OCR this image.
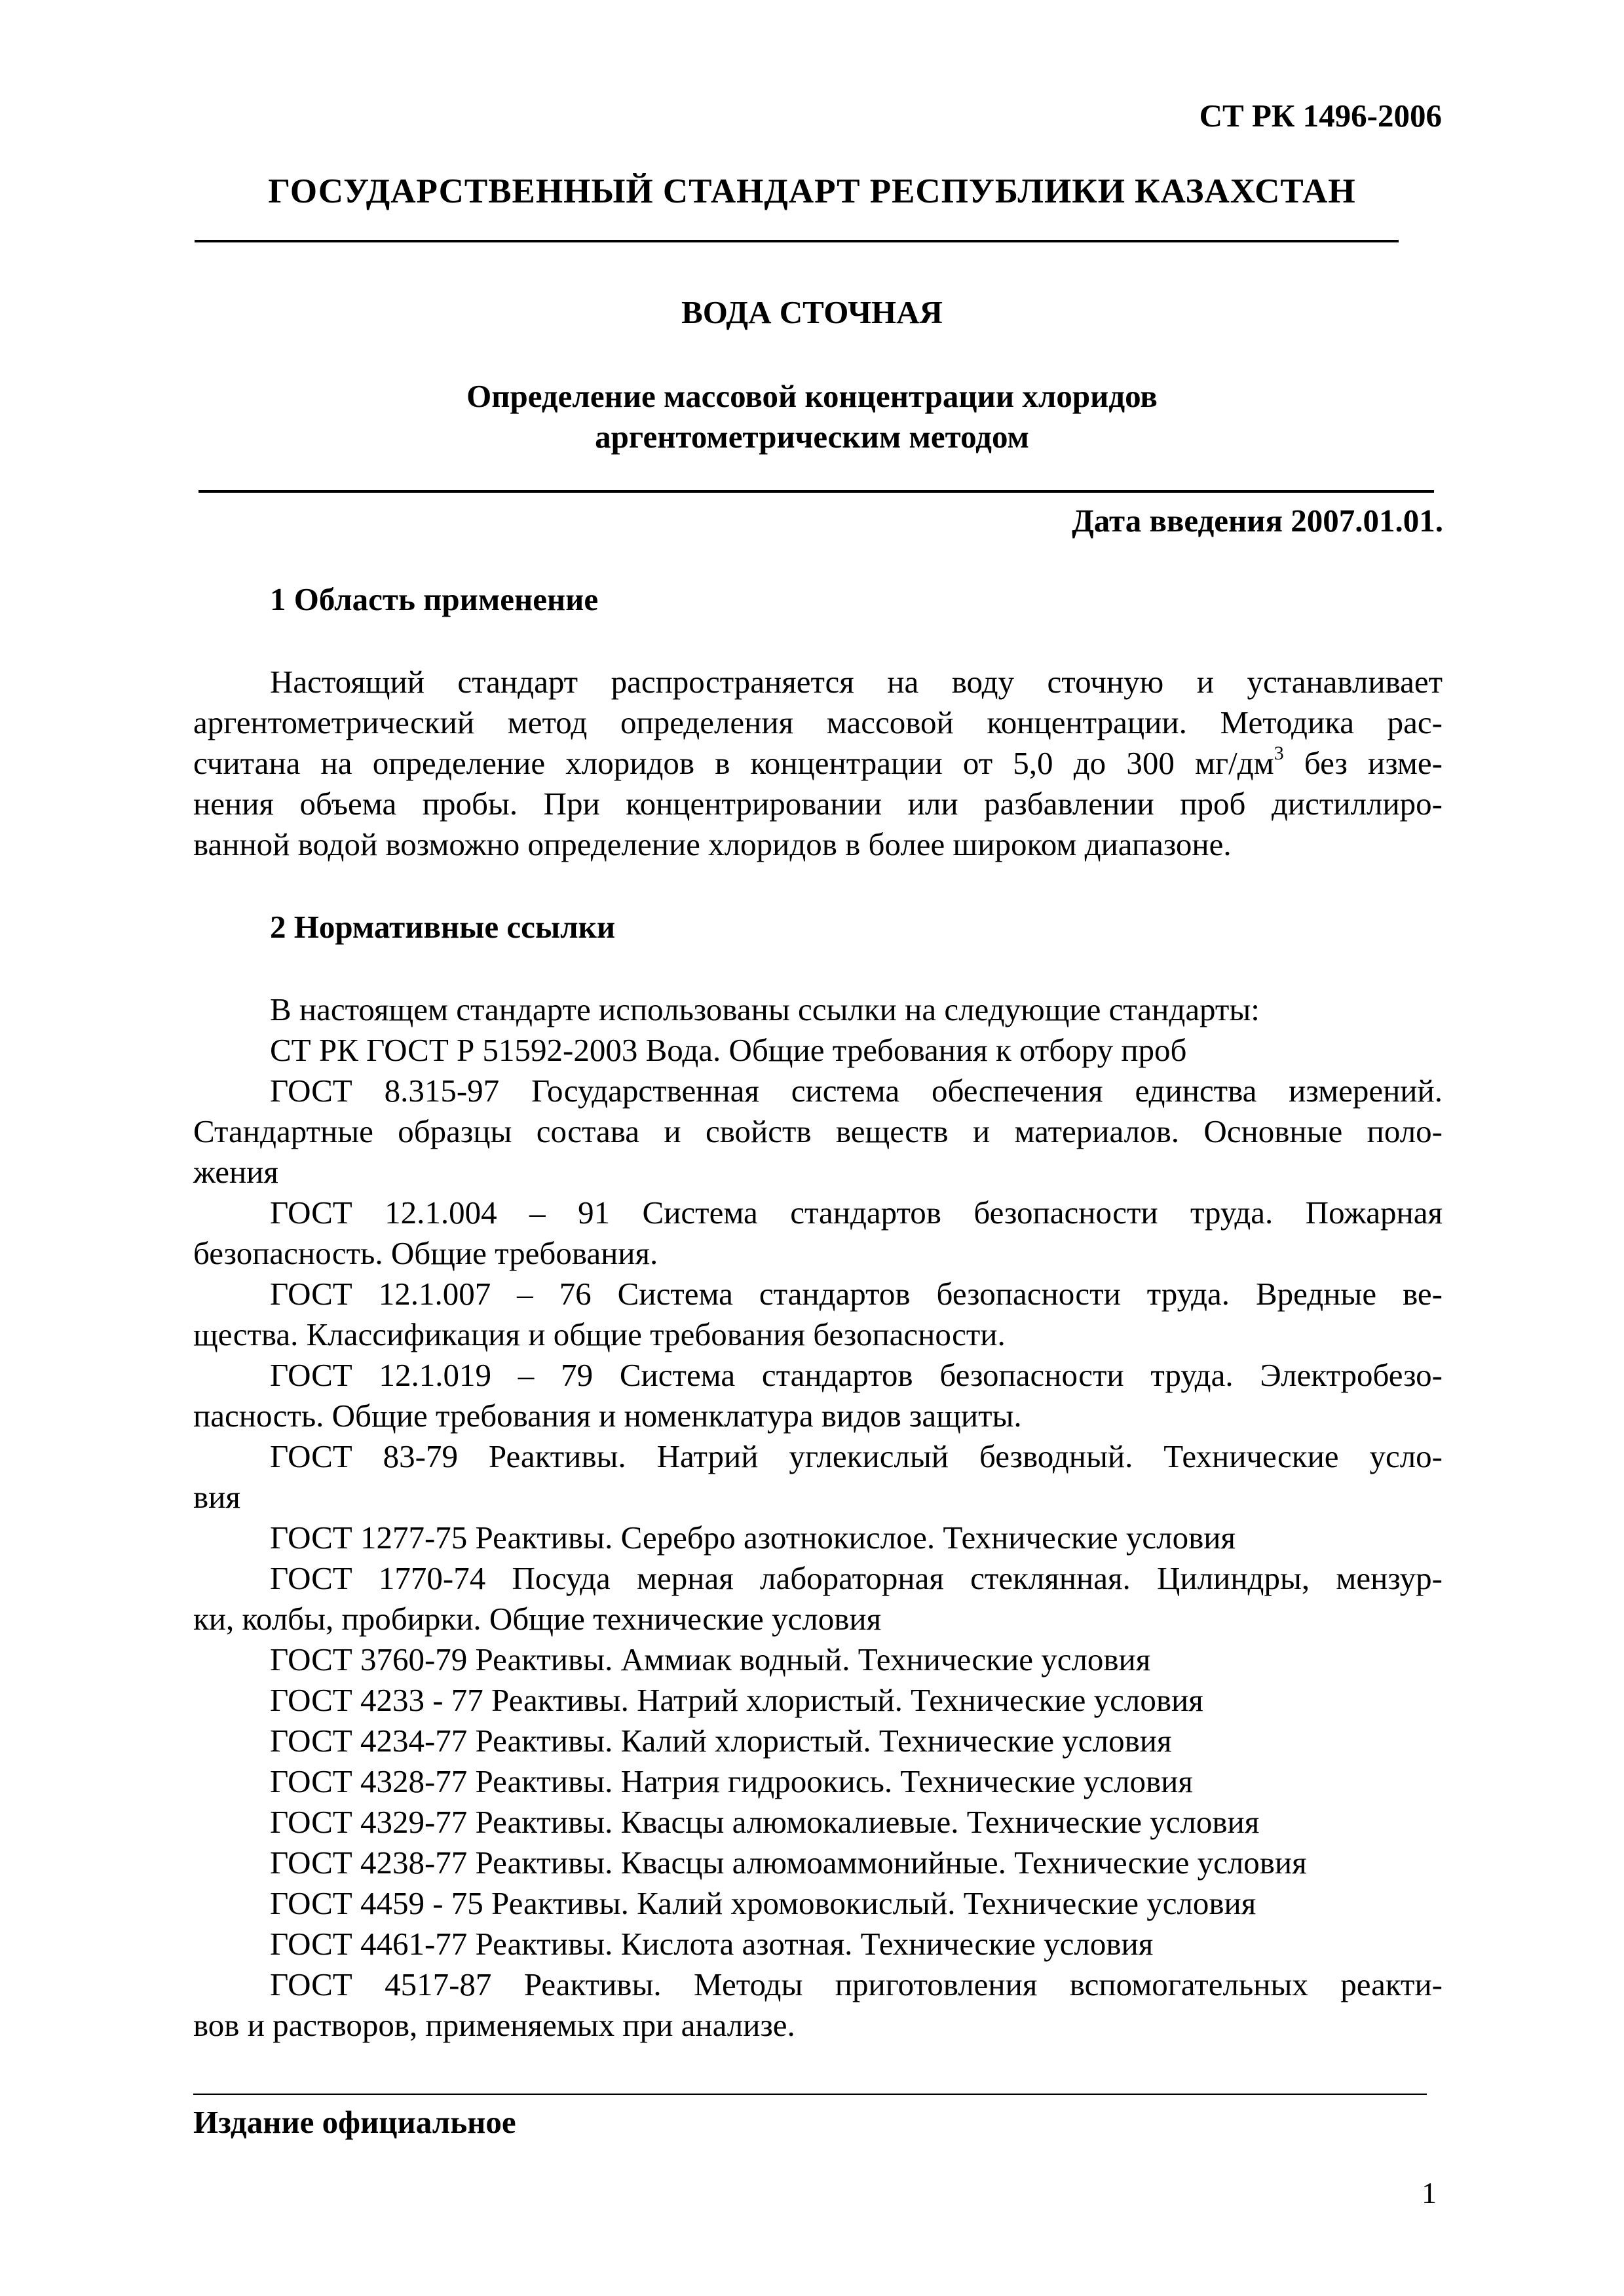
СТ РК 1496-2006
ГОСУДАРСТВЕННЫЙ СТАНДАРТ РЕСПУБЛИКИ КАЗАХСТАН
ВОДА СТОЧНАЯ
Определение массовой концентрации хлоридов
аргентометрическим методом
Дата введения 2007.01.01.
1 Область применение
Настоящий стандарт распространяется на воду сточную и устанавливает
аргентометрический метод определения массовой концентрации. Методика рас-
считана на определение хлоридов в концентрации от 5,0 до 300 $мг/дм^3$ без изме-
нения объема пробы. При концентрировании или разбавлении проб дистиллиро-
ванной водой возможно определение хлоридов в более широком диапазоне.
2 Нормативные ссылки
В настоящем стандарте использованы ссылки на следующие стандарты:
СТ РК ГОСТ Р 51592-2003 Вода. Общие требования к отбору проб
ГОСТ 8.315-97 Государственная система обеспечения единства измерений.
Стандартные образцы состава и свойств веществ и материалов. Основные поло-
жения
ГОСТ 12.1.004 – 91 Система стандартов безопасности труда. Пожарная
безопасность. Общие требования.
ГОСТ 12.1.007 – 76 Система стандартов безопасности труда. Вредные ве-
щества. Классификация и общие требования безопасности.
ГОСТ 12.1.019 – 79 Система стандартов безопасности труда. Электробезо-
пасность. Общие требования и номенклатура видов защиты.
ГОСТ 83-79 Реактивы. Натрий углекислый безводный. Технические усло-
вия
ГОСТ 1277-75 Реактивы. Серебро азотнокислое. Технические условия
ГОСТ 1770-74 Посуда мерная лабораторная стеклянная. Цилиндры, мензур-
ки, колбы, пробирки. Общие технические условия
ГОСТ 3760-79 Реактивы. Аммиак водный. Технические условия
ГОСТ 4233 - 77 Реактивы. Натрий хлористый. Технические условия
ГОСТ 4234-77 Реактивы. Калий хлористый. Технические условия
ГОСТ 4328-77 Реактивы. Натрия гидроокись. Технические условия
ГОСТ 4329-77 Реактивы. Квасцы алюмокалиевые. Технические условия
ГОСТ 4238-77 Реактивы. Квасцы алюмоаммонийные. Технические условия
ГОСТ 4459 - 75 Реактивы. Калий хромовокислый. Технические условия
ГОСТ 4461-77 Реактивы. Кислота азотная. Технические условия
ГОСТ 4517-87 Реактивы. Методы приготовления вспомогательных реакти-
вов и растворов, применяемых при анализе.
Издание официальное
1
